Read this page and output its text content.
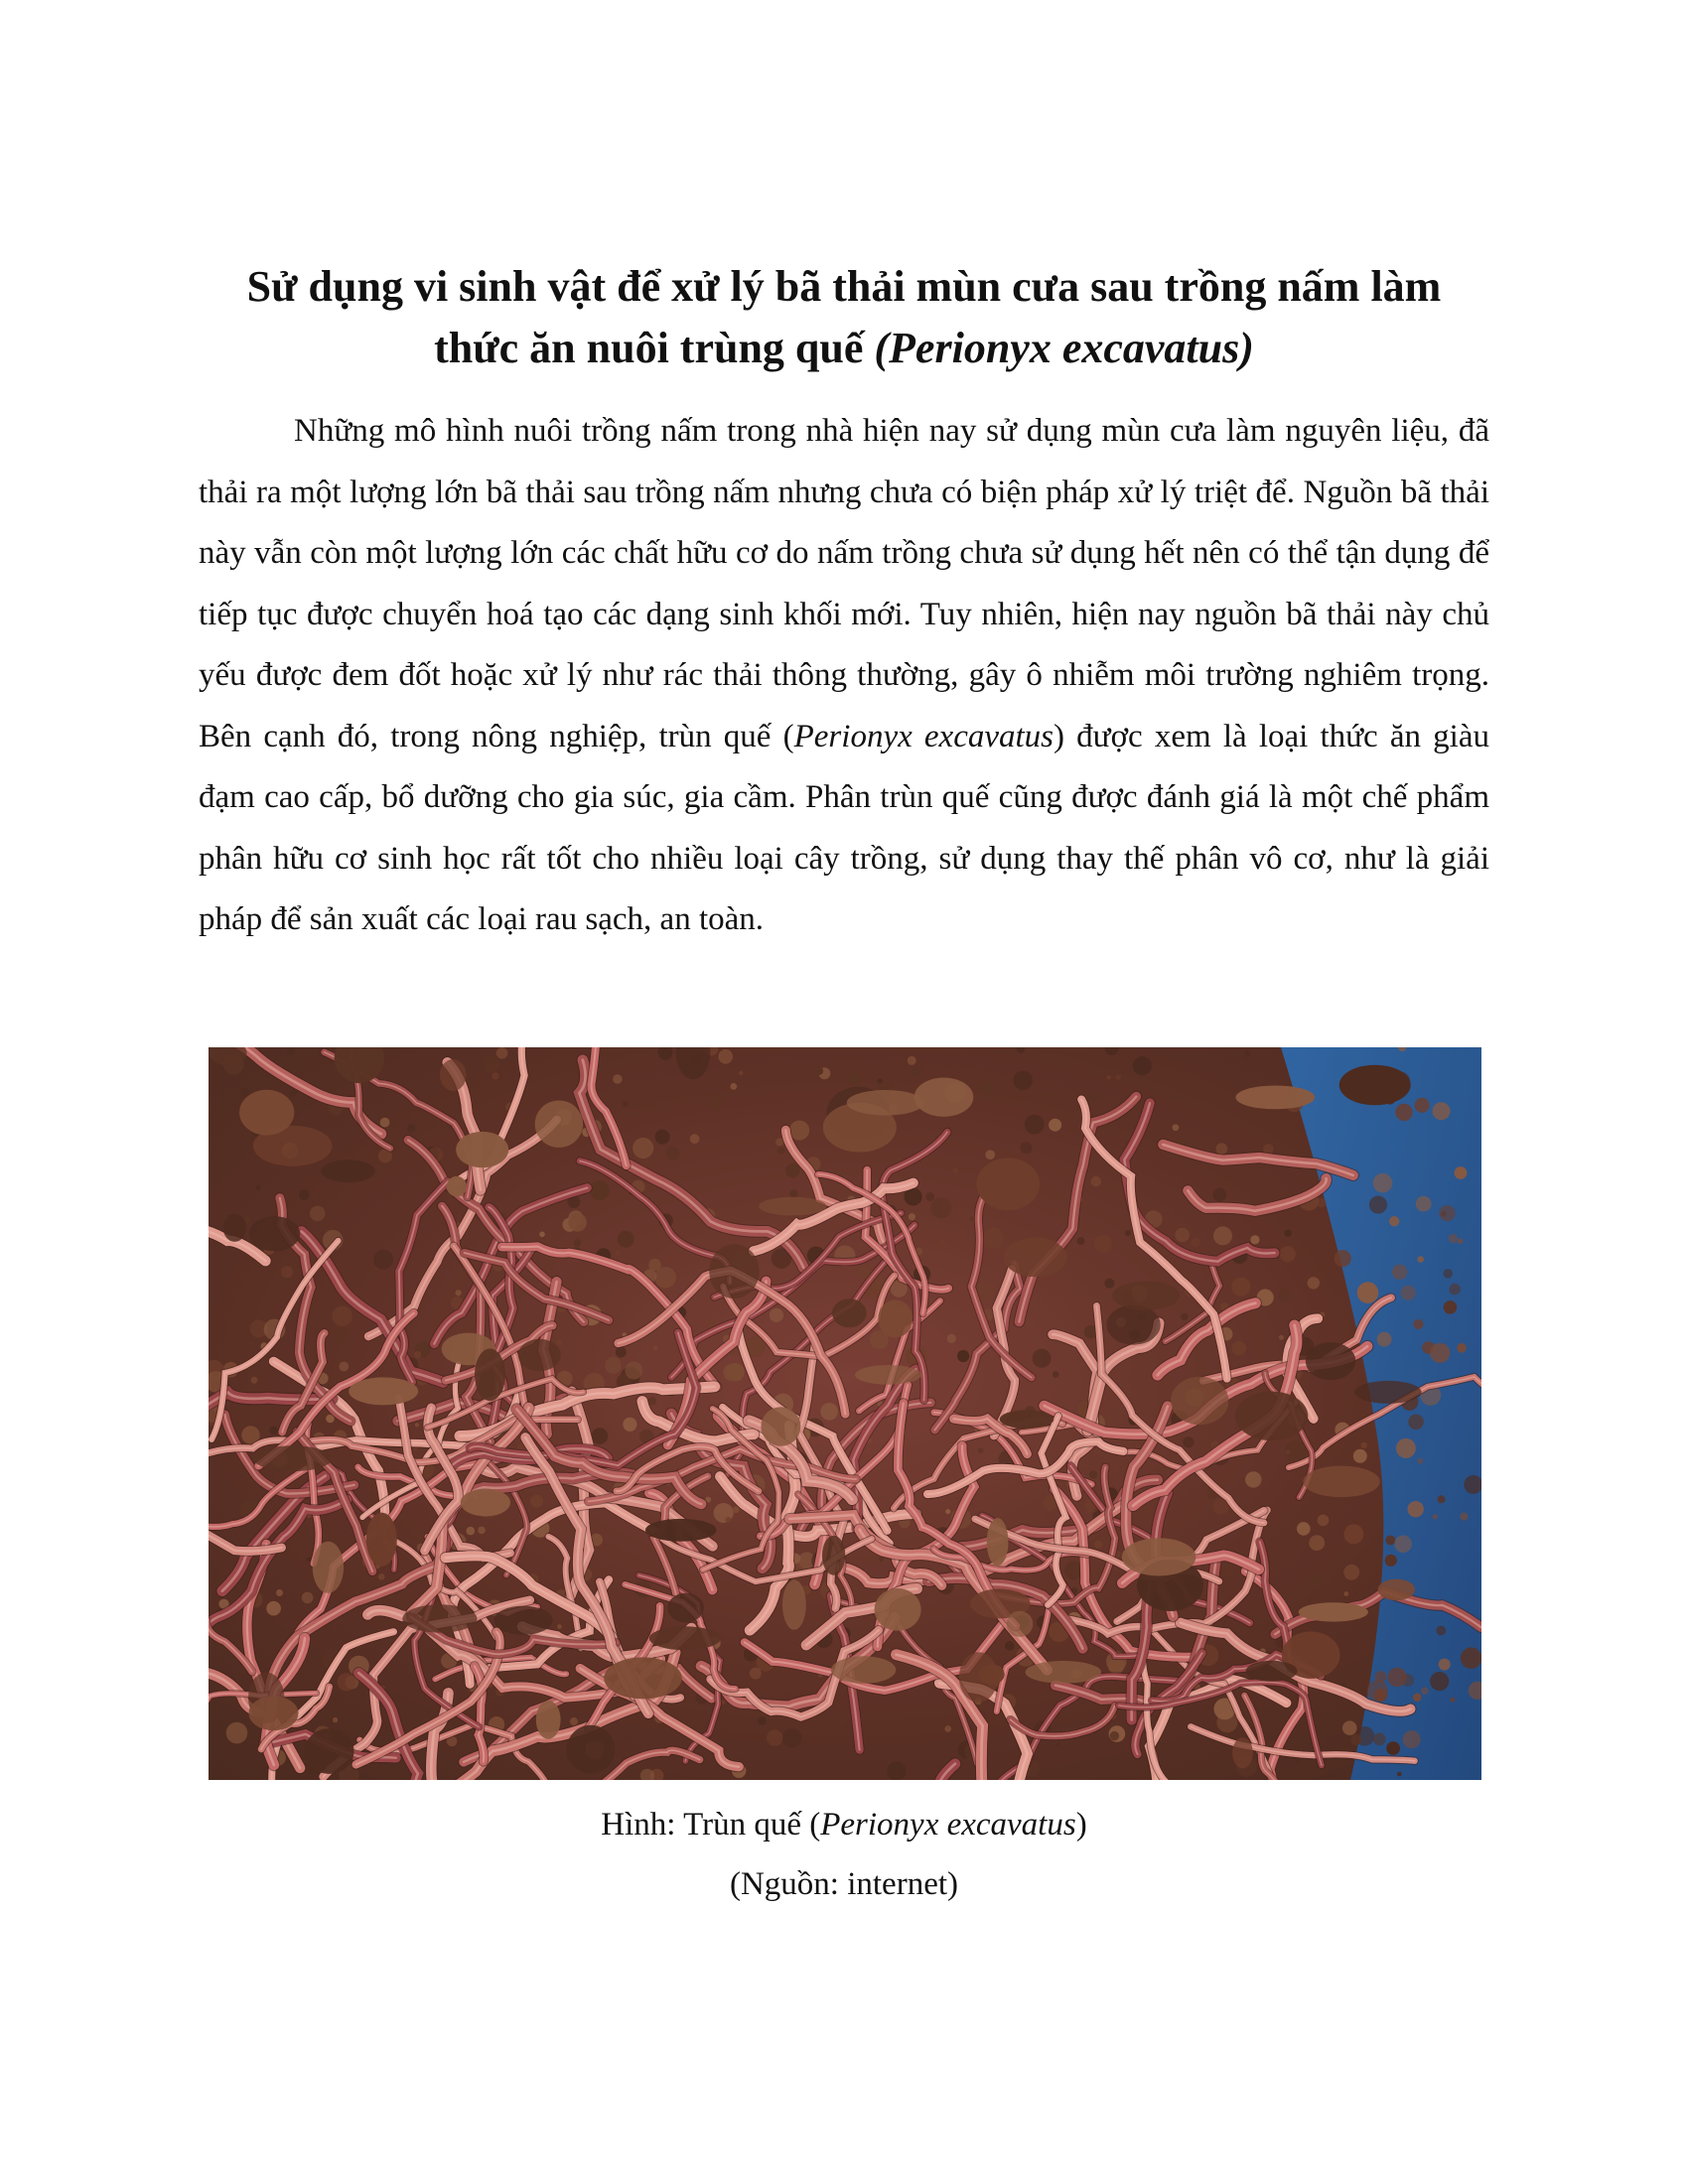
Sử dụng vi sinh vật để xử lý bã thải mùn cưa sau trồng nấm làm
thức ăn nuôi trùng quế (Perionyx excavatus)

Những mô hình nuôi trồng nấm trong nhà hiện nay sử dụng mùn cưa làm nguyên liệu, đã thải ra một lượng lớn bã thải sau trồng nấm nhưng chưa có biện pháp xử lý triệt để. Nguồn bã thải này vẫn còn một lượng lớn các chất hữu cơ do nấm trồng chưa sử dụng hết nên có thể tận dụng để tiếp tục được chuyển hoá tạo các dạng sinh khối mới. Tuy nhiên, hiện nay nguồn bã thải này chủ yếu được đem đốt hoặc xử lý như rác thải thông thường, gây ô nhiễm môi trường nghiêm trọng. Bên cạnh đó, trong nông nghiệp, trùn quế (Perionyx excavatus) được xem là loại thức ăn giàu đạm cao cấp, bổ dưỡng cho gia súc, gia cầm. Phân trùn quế cũng được đánh giá là một chế phẩm phân hữu cơ sinh học rất tốt cho nhiều loại cây trồng, sử dụng thay thế phân vô cơ, như là giải pháp để sản xuất các loại rau sạch, an toàn.

Hình: Trùn quế (Perionyx excavatus)
(Nguồn: internet)
